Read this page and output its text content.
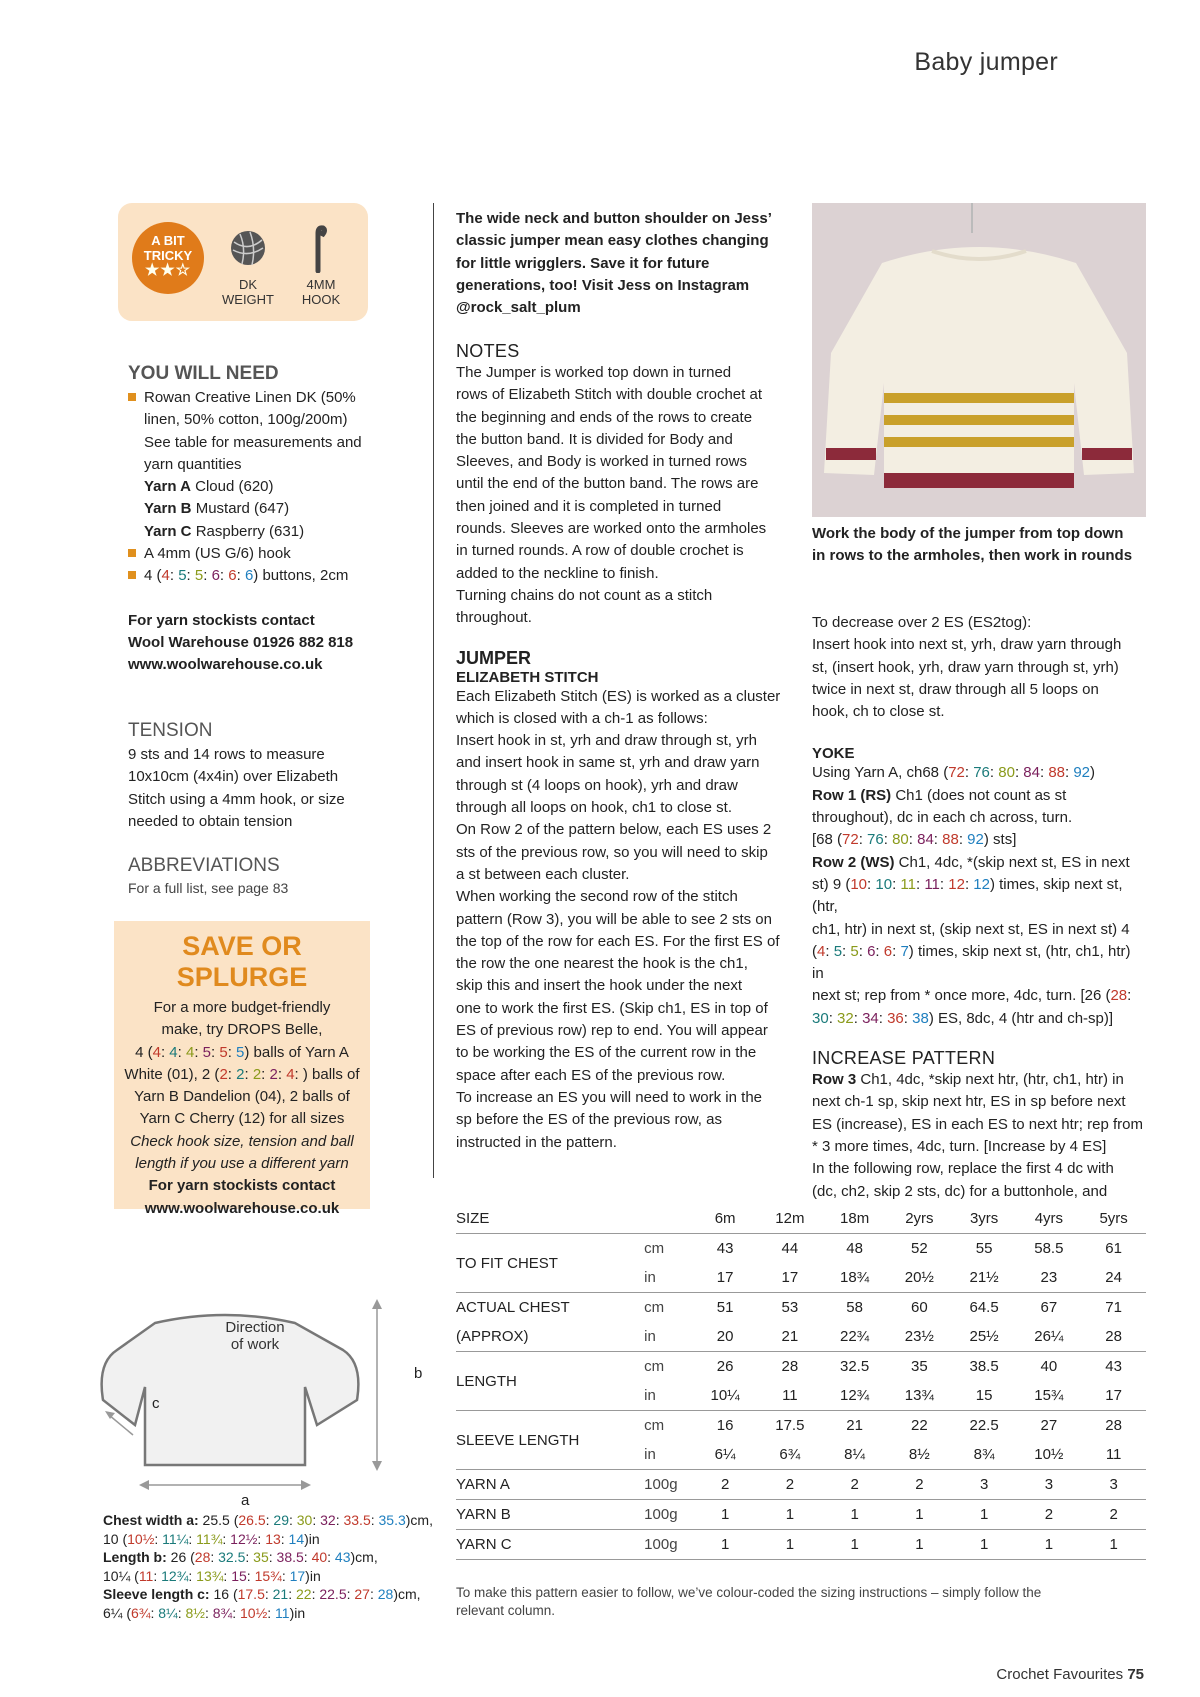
Baby jumper
A BIT
TRICKY
★★☆
DK
WEIGHT
4MM
HOOK
YOU WILL NEED
Rowan Creative Linen DK (50%
linen, 50% cotton, 100g/200m)
See table for measurements and
yarn quantities
Yarn A Cloud (620)
Yarn B Mustard (647)
Yarn C Raspberry (631)
A 4mm (US G/6) hook
4 (4: 5: 5: 6: 6: 6) buttons, 2cm
For yarn stockists contact
Wool Warehouse 01926 882 818
www.woolwarehouse.co.uk
TENSION
9 sts and 14 rows to measure
10x10cm (4x4in) over Elizabeth
Stitch using a 4mm hook, or size
needed to obtain tension
ABBREVIATIONS
For a full list, see page 83
SAVE OR SPLURGE
For a more budget-friendly
make, try DROPS Belle,
4 (4: 4: 4: 5: 5: 5) balls of Yarn A
White (01), 2 (2: 2: 2: 2: 4: ) balls of
Yarn B Dandelion (04), 2 balls of
Yarn C Cherry (12) for all sizes
Check hook size, tension and ball
length if you use a different yarn
For yarn stockists contact
www.woolwarehouse.co.uk
The wide neck and button shoulder on Jess’
classic jumper mean easy clothes changing
for little wrigglers. Save it for future
generations, too! Visit Jess on Instagram
@rock_salt_plum
NOTES
The Jumper is worked top down in turned
rows of Elizabeth Stitch with double crochet at
the beginning and ends of the rows to create
the button band. It is divided for Body and
Sleeves, and Body is worked in turned rows
until the end of the button band. The rows are
then joined and it is completed in turned
rounds. Sleeves are worked onto the armholes
in turned rounds. A row of double crochet is
added to the neckline to finish.
Turning chains do not count as a stitch
throughout.
JUMPER
ELIZABETH STITCH
Each Elizabeth Stitch (ES) is worked as a cluster
which is closed with a ch-1 as follows:
Insert hook in st, yrh and draw through st, yrh
and insert hook in same st, yrh and draw yarn
through st (4 loops on hook), yrh and draw
through all loops on hook, ch1 to close st.
On Row 2 of the pattern below, each ES uses 2
sts of the previous row, so you will need to skip
a st between each cluster.
When working the second row of the stitch
pattern (Row 3), you will be able to see 2 sts on
the top of the row for each ES. For the first ES of
the row the one nearest the hook is the ch1,
skip this and insert the hook under the next
one to work the first ES. (Skip ch1, ES in top of
ES of previous row) rep to end. You will appear
to be working the ES of the current row in the
space after each ES of the previous row.
To increase an ES you will need to work in the
sp before the ES of the previous row, as
instructed in the pattern.
Work the body of the jumper from top down
in rows to the armholes, then work in rounds
To decrease over 2 ES (ES2tog):
Insert hook into next st, yrh, draw yarn through
st, (insert hook, yrh, draw yarn through st, yrh)
twice in next st, draw through all 5 loops on
hook, ch to close st.
YOKE
Using Yarn A, ch68 (72: 76: 80: 84: 88: 92)
Row 1 (RS) Ch1 (does not count as st
throughout), dc in each ch across, turn.
[68 (72: 76: 80: 84: 88: 92) sts]
Row 2 (WS) Ch1, 4dc, *(skip next st, ES in next
st) 9 (10: 10: 11: 11: 12: 12) times, skip next st, (htr,
ch1, htr) in next st, (skip next st, ES in next st) 4
(4: 5: 5: 6: 6: 7) times, skip next st, (htr, ch1, htr) in
next st; rep from * once more, 4dc, turn. [26 (28:
30: 32: 34: 36: 38) ES, 8dc, 4 (htr and ch-sp)]
INCREASE PATTERN
Row 3 Ch1, 4dc, *skip next htr, (htr, ch1, htr) in
next ch-1 sp, skip next htr, ES in sp before next
ES (increase), ES in each ES to next htr; rep from
* 3 more times, 4dc, turn. [Increase by 4 ES]
In the following row, replace the first 4 dc with
(dc, ch2, skip 2 sts, dc) for a buttonhole, and
SIZE		6m	12m	18m	2yrs	3yrs	4yrs	5yrs
TO FIT CHEST	cm	43	44	48	52	55	58.5	61
	in	17	17	18¾	20½	21½	23	24
ACTUAL CHEST	cm	51	53	58	60	64.5	67	71
(APPROX)	in	20	21	22¾	23½	25½	26¼	28
LENGTH	cm	26	28	32.5	35	38.5	40	43
	in	10¼	11	12¾	13¾	15	15¾	17
SLEEVE LENGTH	cm	16	17.5	21	22	22.5	27	28
	in	6¼	6¾	8¼	8½	8¾	10½	11
YARN A	100g	2	2	2	2	3	3	3
YARN B	100g	1	1	1	1	1	2	2
YARN C	100g	1	1	1	1	1	1	1

To make this pattern easier to follow, we’ve colour-coded the sizing instructions – simply follow the
relevant column.
Direction
of work
a
b
c
Chest width a: 25.5 (26.5: 29: 30: 32: 33.5: 35.3)cm,
10 (10½: 11¼: 11¾: 12½: 13: 14)in
Length b: 26 (28: 32.5: 35: 38.5: 40: 43)cm,
10¼ (11: 12¾: 13¾: 15: 15¾: 17)in
Sleeve length c: 16 (17.5: 21: 22: 22.5: 27: 28)cm,
6¼ (6¾: 8¼: 8½: 8¾: 10½: 11)in
Crochet Favourites 75
